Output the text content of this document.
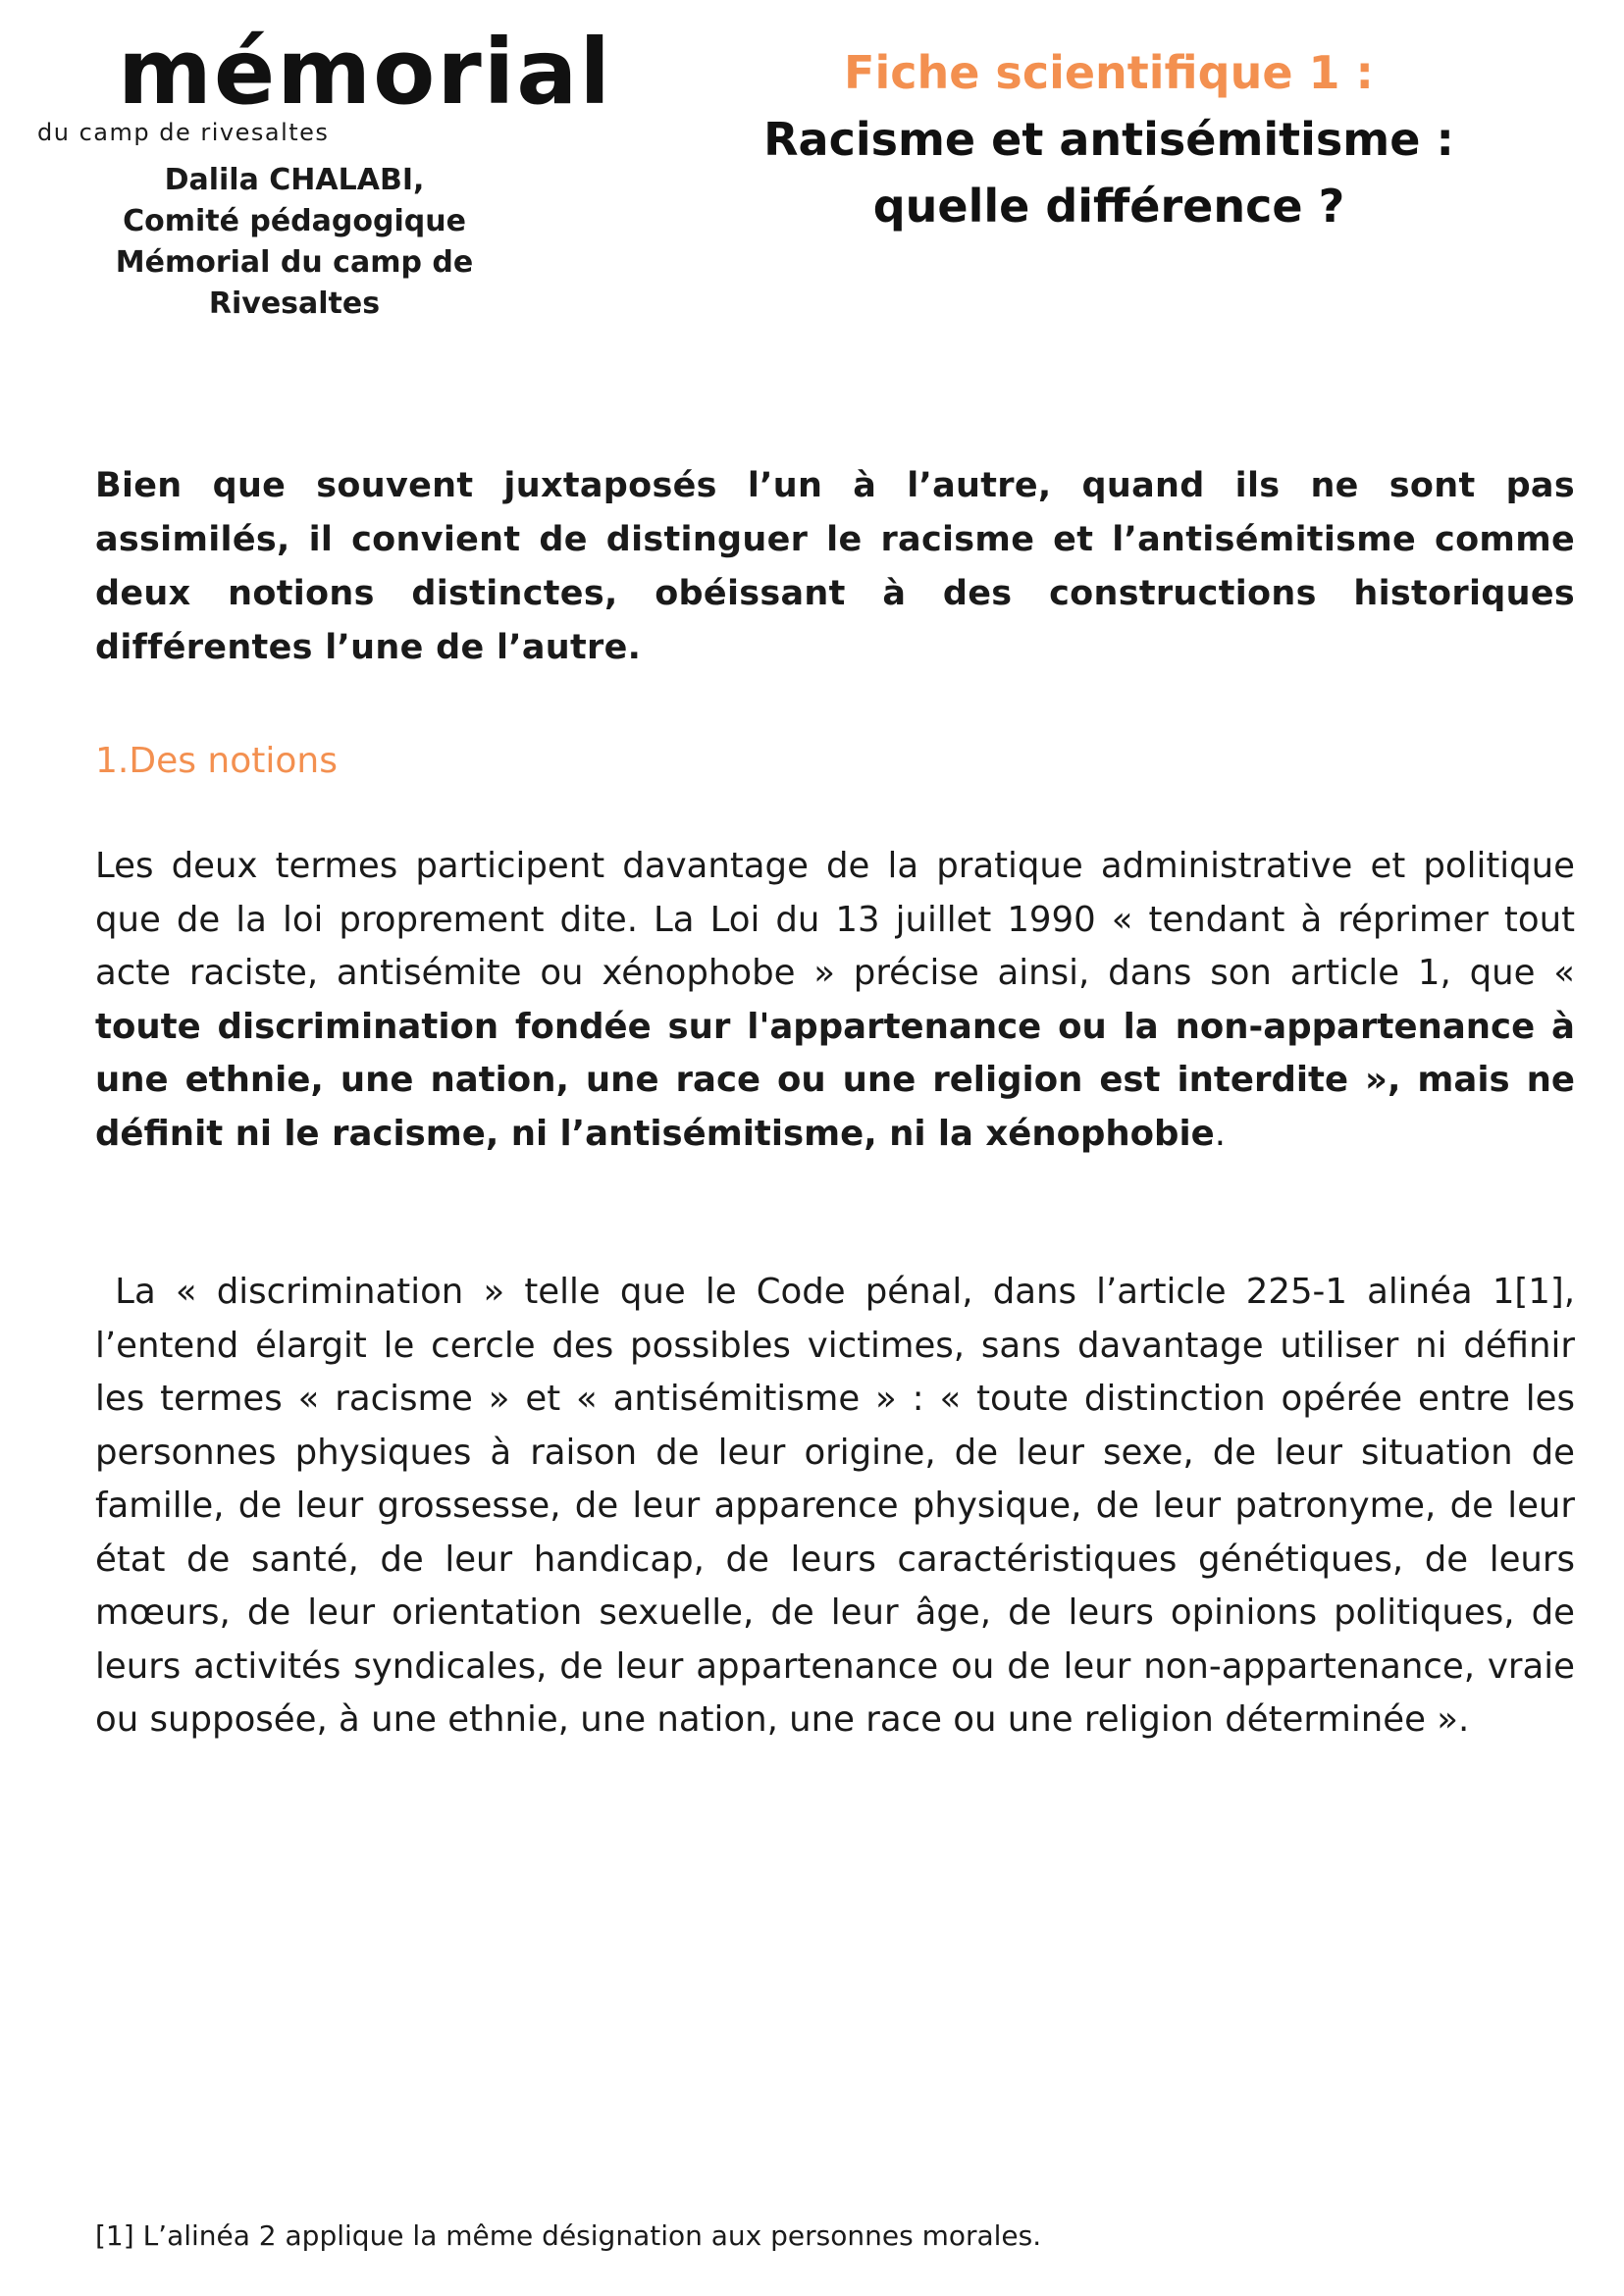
mémorial
du camp de rivesaltes
Dalila CHALABI,
Comité pédagogique
Mémorial du camp de Rivesaltes

Fiche scientifique 1 :

Racisme et antisémitisme :

quelle différence ?

Bien que souvent juxtaposés l’un à l’autre, quand ils ne sont pas assimilés, il convient de distinguer le racisme et l’antisémitisme comme deux notions distinctes, obéissant à des constructions historiques différentes l’une de l’autre.

1.Des notions

Les deux termes participent davantage de la pratique administrative et politique que de la loi proprement dite. La Loi du 13 juillet 1990 « tendant à réprimer tout acte raciste, antisémite ou xénophobe » précise ainsi, dans son article 1, que « toute discrimination fondée sur l'appartenance ou la non-appartenance à une ethnie, une nation, une race ou une religion est interdite », mais ne définit ni le racisme, ni l’antisémitisme, ni la xénophobie.

La « discrimination » telle que le Code pénal, dans l’article 225-1 alinéa 1[1], l’entend élargit le cercle des possibles victimes, sans davantage utiliser ni définir les termes « racisme » et « antisémitisme » : « toute distinction opérée entre les personnes physiques à raison de leur origine, de leur sexe, de leur situation de famille, de leur grossesse, de leur apparence physique, de leur patronyme, de leur état de santé, de leur handicap, de leurs caractéristiques génétiques, de leurs mœurs, de leur orientation sexuelle, de leur âge, de leurs opinions politiques, de leurs activités syndicales, de leur appartenance ou de leur non-appartenance, vraie ou supposée, à une ethnie, une nation, une race ou une religion déterminée ».

[1] L’alinéa 2 applique la même désignation aux personnes morales.
